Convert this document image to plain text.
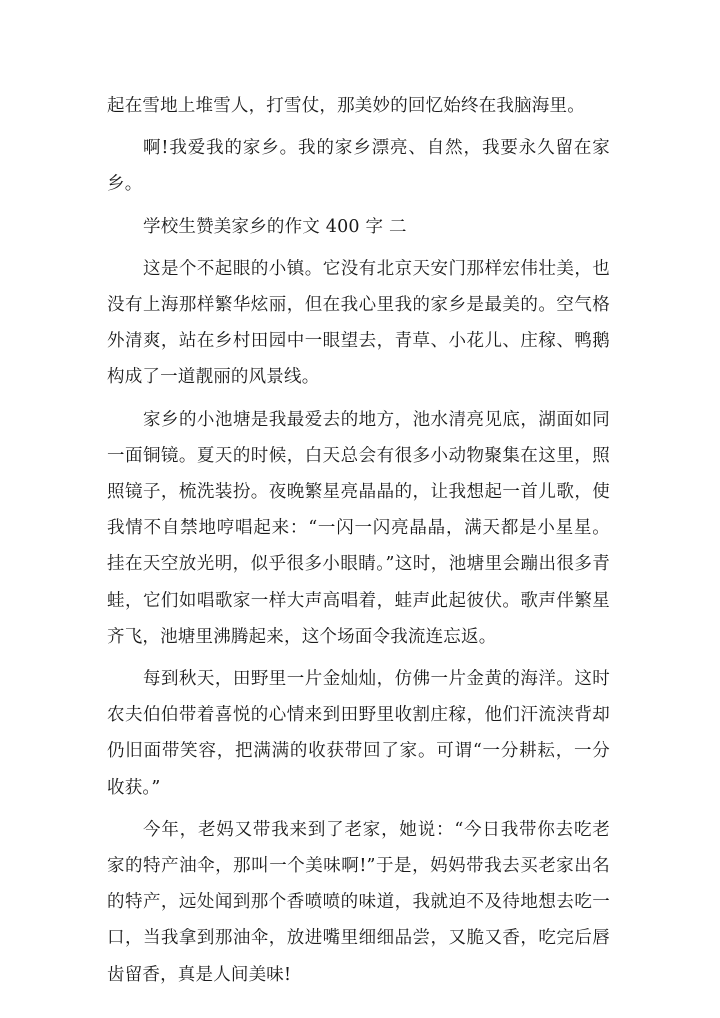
起在雪地上堆雪人，打雪仗，那美妙的回忆始终在我脑海里。

啊!我爱我的家乡。我的家乡漂亮、自然，我要永久留在家乡。

学校生赞美家乡的作文 400 字 二

这是个不起眼的小镇。它没有北京天安门那样宏伟壮美，也没有上海那样繁华炫丽，但在我心里我的家乡是最美的。空气格外清爽，站在乡村田园中一眼望去，青草、小花儿、庄稼、鸭鹅构成了一道靓丽的风景线。

家乡的小池塘是我最爱去的地方，池水清亮见底，湖面如同一面铜镜。夏天的时候，白天总会有很多小动物聚集在这里，照照镜子，梳洗装扮。夜晚繁星亮晶晶的，让我想起一首儿歌，使我情不自禁地哼唱起来：“一闪一闪亮晶晶，满天都是小星星。挂在天空放光明，似乎很多小眼睛。”这时，池塘里会蹦出很多青蛙，它们如唱歌家一样大声高唱着，蛙声此起彼伏。歌声伴繁星齐飞，池塘里沸腾起来，这个场面令我流连忘返。

每到秋天，田野里一片金灿灿，仿佛一片金黄的海洋。这时农夫伯伯带着喜悦的心情来到田野里收割庄稼，他们汗流浃背却仍旧面带笑容，把满满的收获带回了家。可谓“一分耕耘，一分收获。”

今年，老妈又带我来到了老家，她说：“今日我带你去吃老家的特产油伞，那叫一个美味啊!”于是，妈妈带我去买老家出名的特产，远处闻到那个香喷喷的味道，我就迫不及待地想去吃一口，当我拿到那油伞，放进嘴里细细品尝，又脆又香，吃完后唇齿留香，真是人间美味!
